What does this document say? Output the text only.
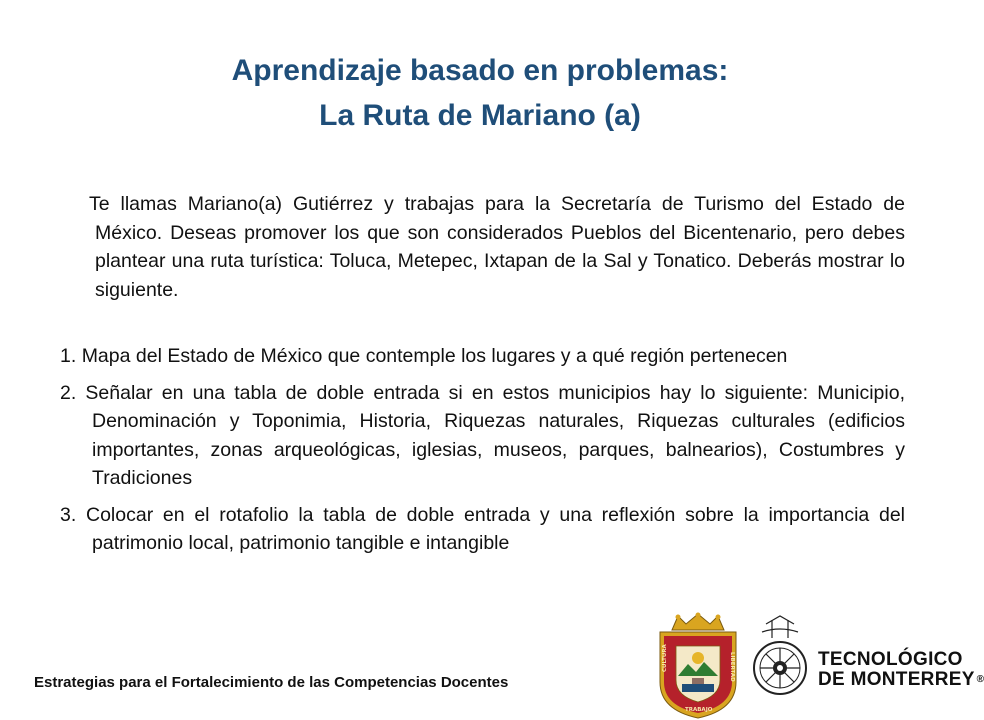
Aprendizaje basado en problemas:
La Ruta de Mariano (a)

Te llamas Mariano(a) Gutiérrez y trabajas para la Secretaría de Turismo del Estado de México. Deseas promover los que son considerados Pueblos del Bicentenario, pero debes plantear una ruta turística: Toluca, Metepec, Ixtapan de la Sal y Tonatico. Deberás mostrar lo siguiente.

1. Mapa del Estado de México que contemple los lugares y a qué región pertenecen
2. Señalar en una tabla de doble entrada si en estos municipios hay lo siguiente: Municipio, Denominación y Toponimia, Historia, Riquezas naturales, Riquezas culturales (edificios importantes, zonas arqueológicas, iglesias, museos, parques, balnearios), Costumbres y Tradiciones
3. Colocar en el rotafolio la tabla de doble entrada y una reflexión sobre la importancia del patrimonio local, patrimonio tangible e intangible
Estrategias para el Fortalecimiento de las Competencias Docentes
CULTURA	LIBERTAD
TRABAJO
TECNOLÓGICO
DE MONTERREY ®
